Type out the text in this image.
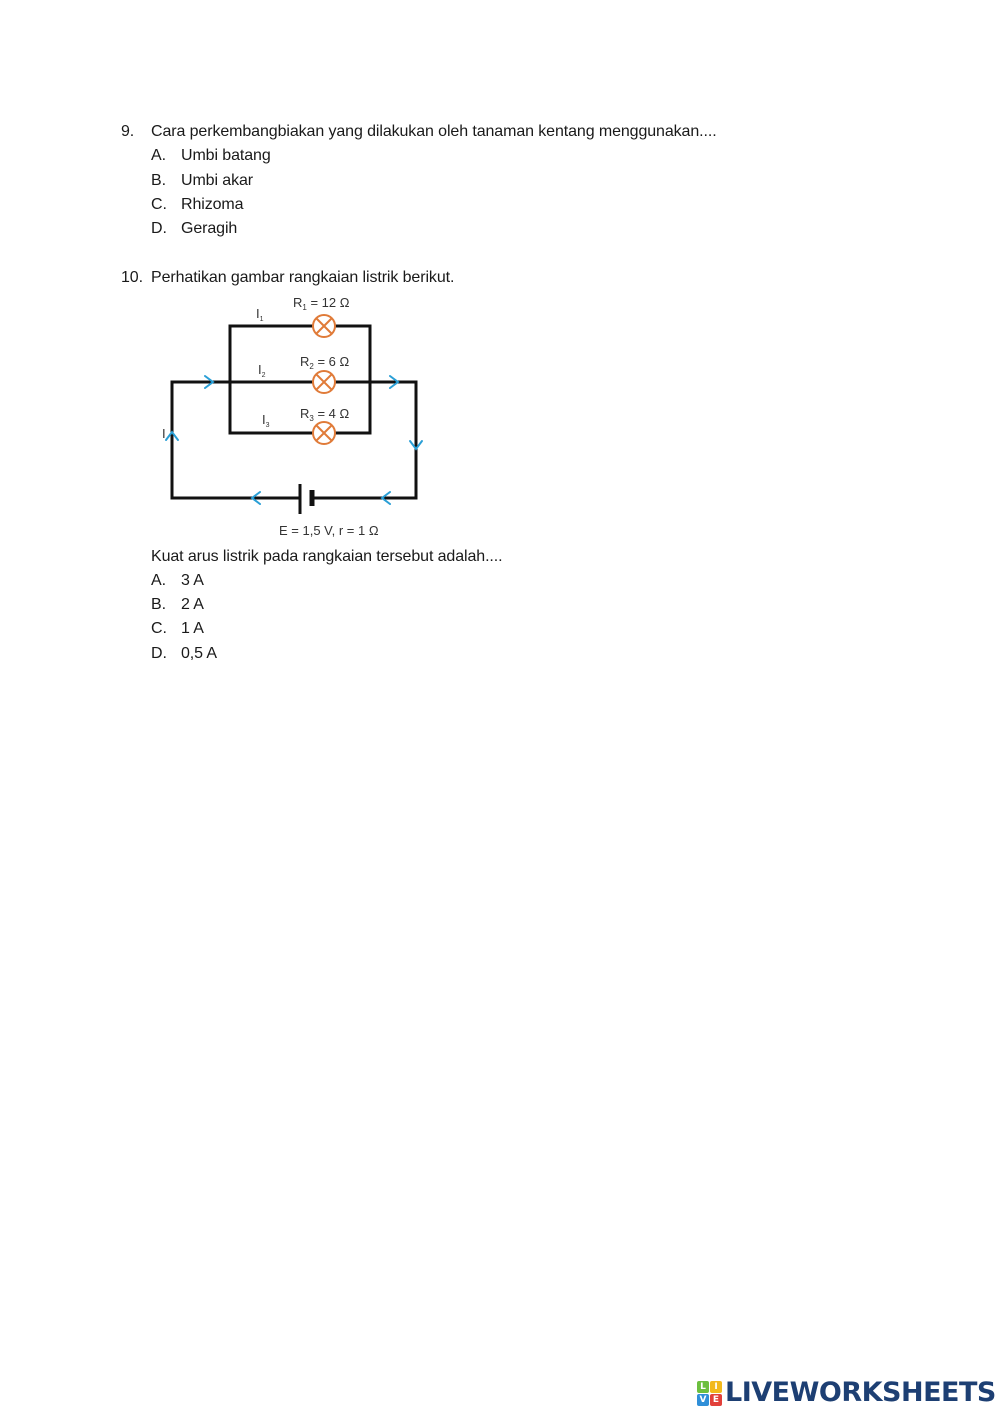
9. Cara perkembangbiakan yang dilakukan oleh tanaman kentang menggunakan....
A. Umbi batang
B. Umbi akar
C. Rhizoma
D. Geragih
10. Perhatikan gambar rangkaian listrik berikut.
$R_1 = 12$ Ω
$R_2 = 6$ Ω
$R_3 = 4$ Ω
$I_1$
$I_2$
$I_3$
I
E = 1,5 V, r = 1 Ω
Kuat arus listrik pada rangkaian tersebut adalah....
A. 3 A
B. 2 A
C. 1 A
D. 0,5 A
L I
V E LIVEWORKSHEETS
